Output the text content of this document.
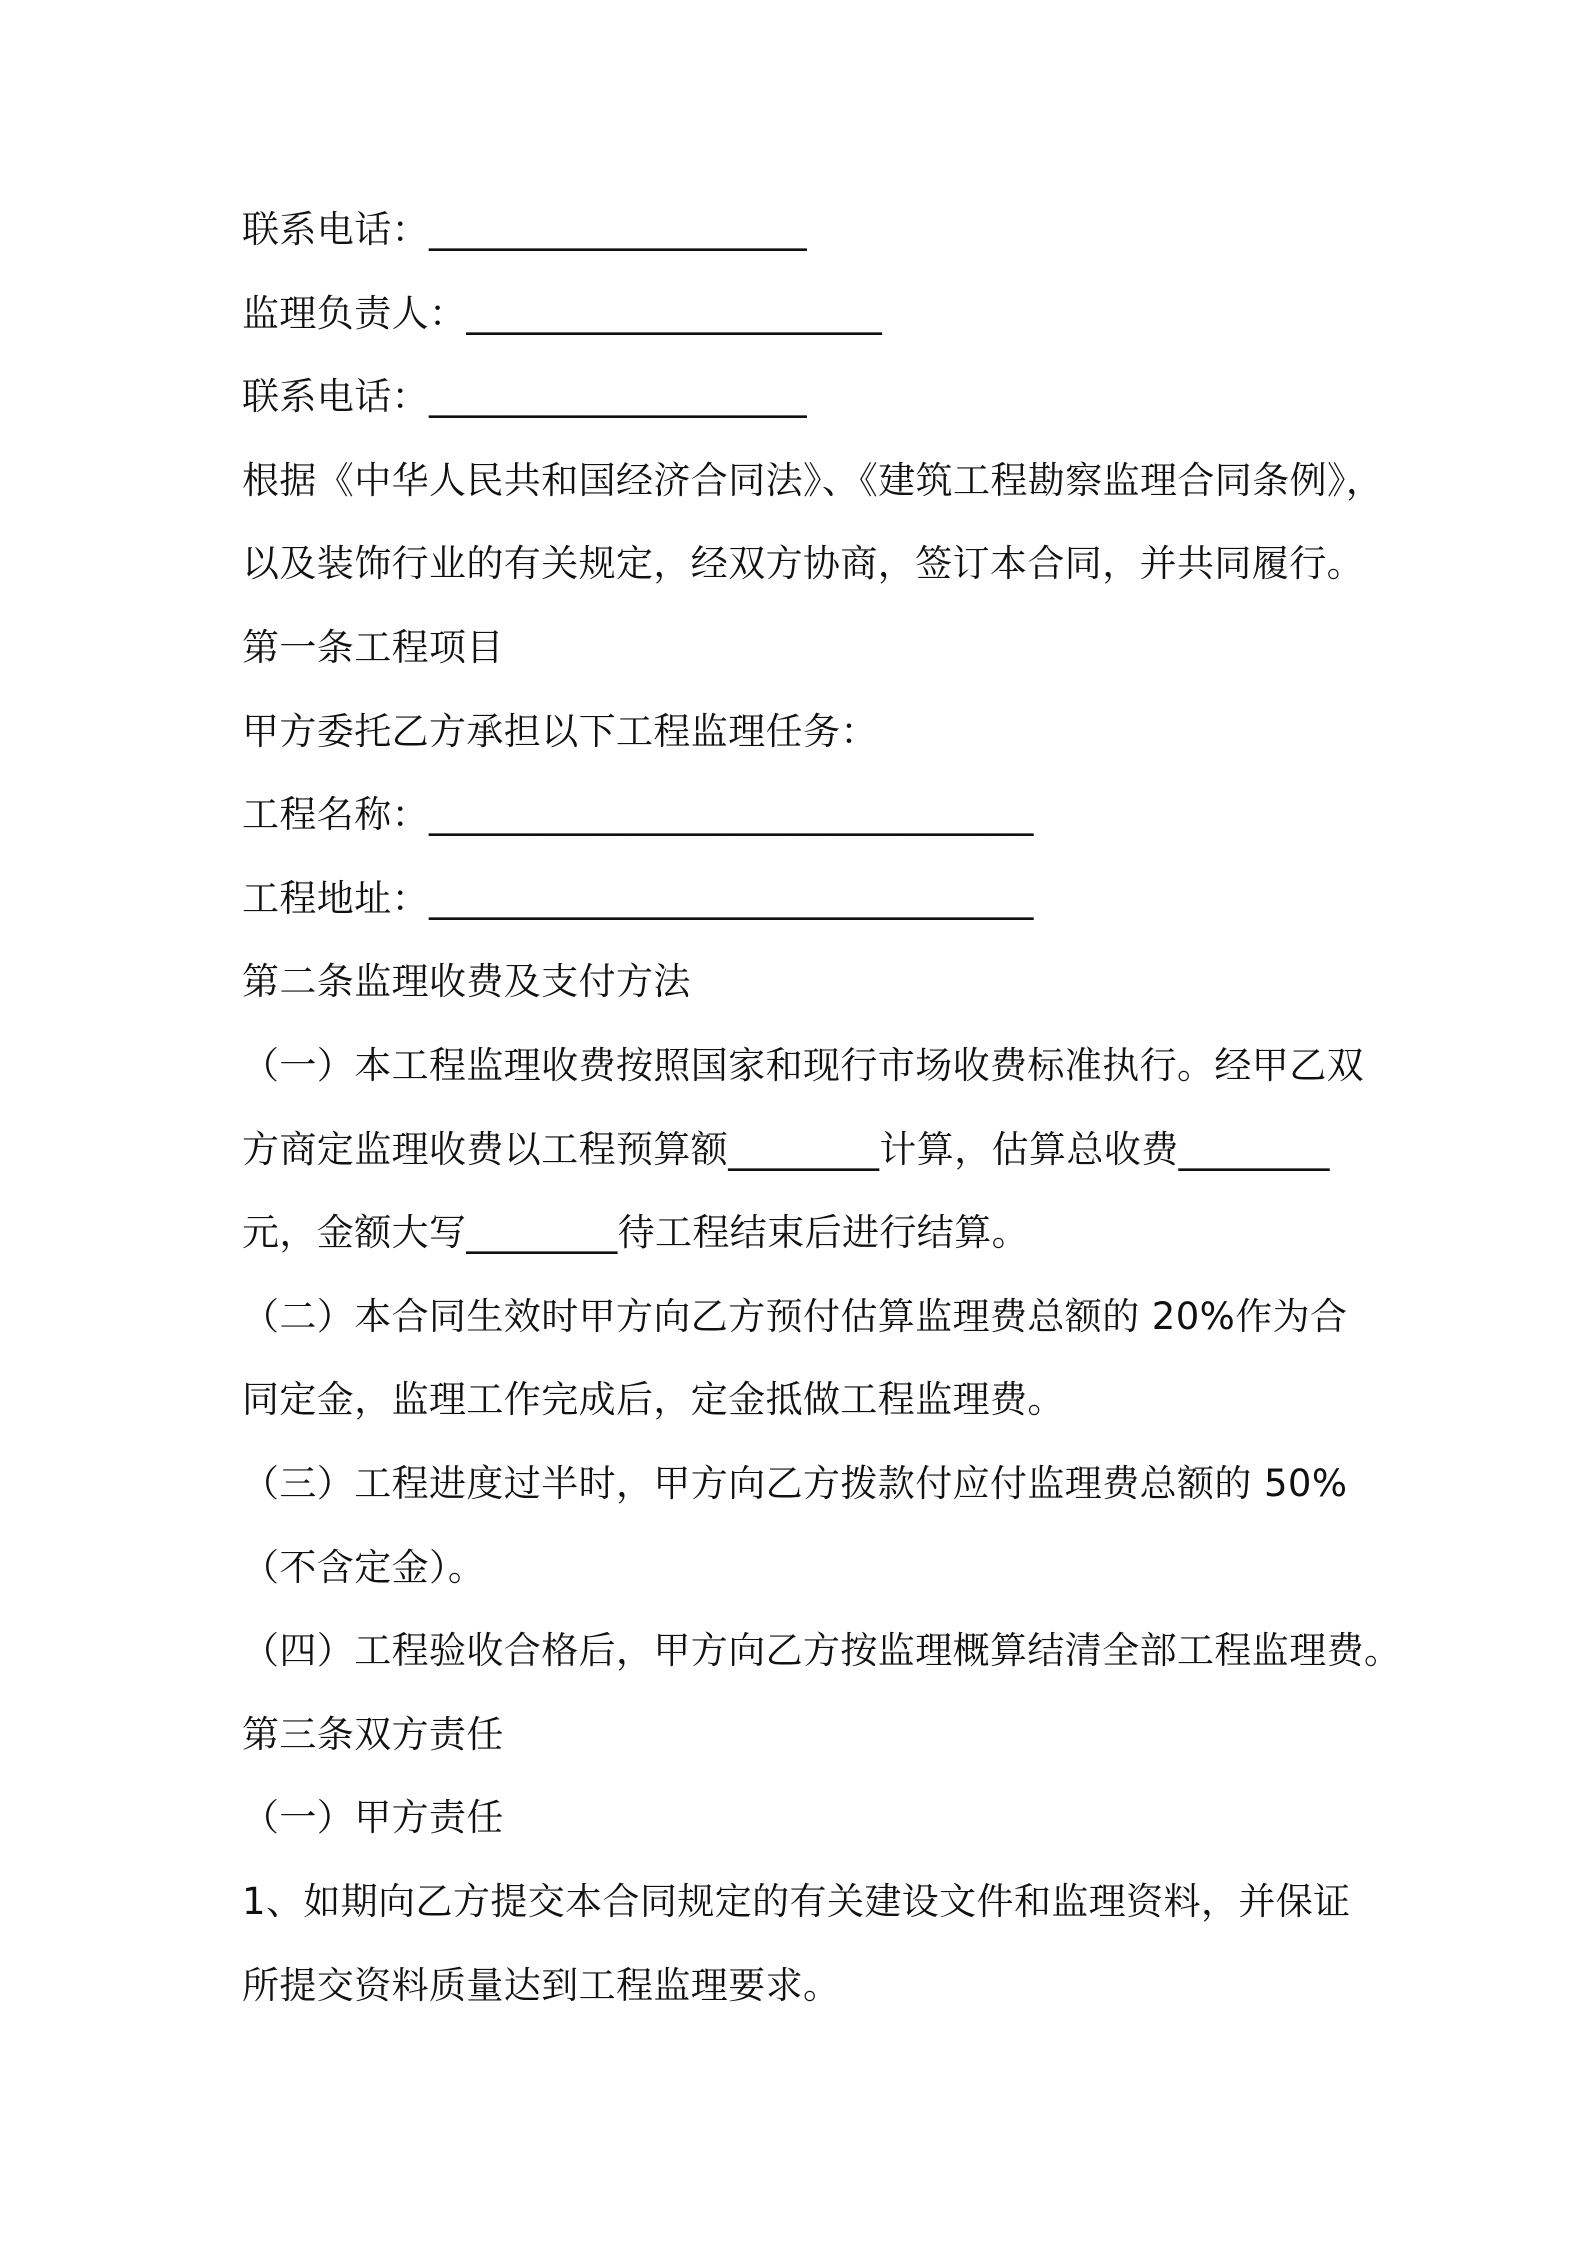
联系电话：____________________
监理负责人：______________________
联系电话：____________________
根据《中华人民共和国经济合同法》、《建筑工程勘察监理合同条例》，
以及装饰行业的有关规定，经双方协商，签订本合同，并共同履行。
第一条工程项目
甲方委托乙方承担以下工程监理任务：
工程名称：________________________________
工程地址：________________________________
第二条监理收费及支付方法
（一）本工程监理收费按照国家和现行市场收费标准执行。经甲乙双
方商定监理收费以工程预算额________计算，估算总收费________
元，金额大写________待工程结束后进行结算。
（二）本合同生效时甲方向乙方预付估算监理费总额的 20%作为合
同定金，监理工作完成后，定金抵做工程监理费。
（三）工程进度过半时，甲方向乙方拨款付应付监理费总额的 50%
（不含定金）。
（四）工程验收合格后，甲方向乙方按监理概算结清全部工程监理费。
第三条双方责任
（一）甲方责任
1、如期向乙方提交本合同规定的有关建设文件和监理资料，并保证
所提交资料质量达到工程监理要求。
